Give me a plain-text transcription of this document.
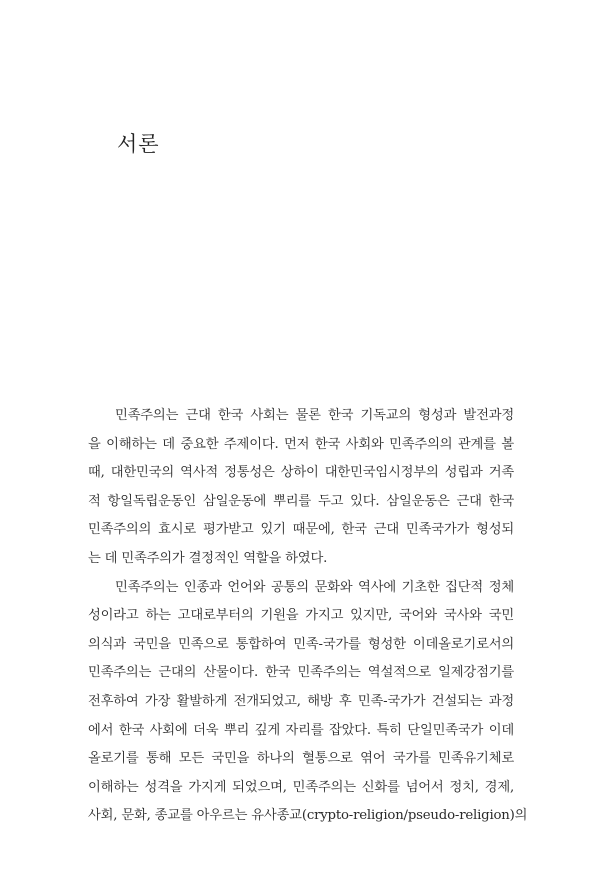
서론
민족주의는 근대 한국 사회는 물론 한국 기독교의 형성과 발전과정
을 이해하는 데 중요한 주제이다. 먼저 한국 사회와 민족주의의 관계를 볼
때, 대한민국의 역사적 정통성은 상하이 대한민국임시정부의 성립과 거족
적 항일독립운동인 삼일운동에 뿌리를 두고 있다. 삼일운동은 근대 한국
민족주의의 효시로 평가받고 있기 때문에, 한국 근대 민족국가가 형성되
는 데 민족주의가 결정적인 역할을 하였다.
민족주의는 인종과 언어와 공통의 문화와 역사에 기초한 집단적 정체
성이라고 하는 고대로부터의 기원을 가지고 있지만, 국어와 국사와 국민
의식과 국민을 민족으로 통합하여 민족-국가를 형성한 이데올로기로서의
민족주의는 근대의 산물이다. 한국 민족주의는 역설적으로 일제강점기를
전후하여 가장 활발하게 전개되었고, 해방 후 민족-국가가 건설되는 과정
에서 한국 사회에 더욱 뿌리 깊게 자리를 잡았다. 특히 단일민족국가 이데
올로기를 통해 모든 국민을 하나의 혈통으로 엮어 국가를 민족유기체로
이해하는 성격을 가지게 되었으며, 민족주의는 신화를 넘어서 정치, 경제,
사회, 문화, 종교를 아우르는 유사종교(crypto-religion/pseudo-religion)의
